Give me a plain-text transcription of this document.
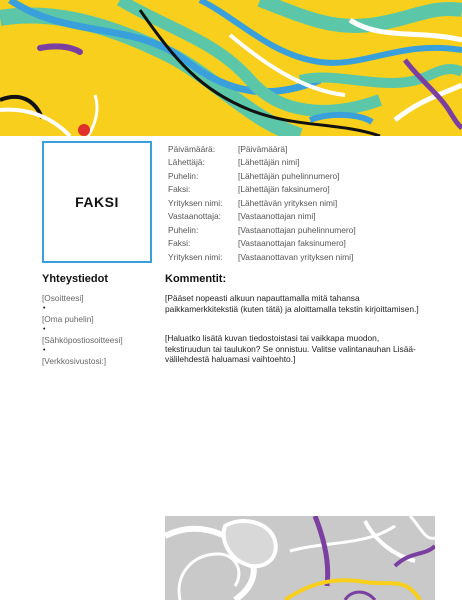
FAKSI
Päivämäärä:	[Päivämäärä]
Lähettäjä:	[Lähettäjän nimi]
Puhelin:	[Lähettäjän puhelinnumero]
Faksi:	[Lähettäjän faksinumero]
Yrityksen nimi:	[Lähettävän yrityksen nimi]
Vastaanottaja:	[Vastaanottajan nimi]
Puhelin:	[Vastaanottajan puhelinnumero]
Faksi:	[Vastaanottajan faksinumero]
Yrityksen nimi:	[Vastaanottavan yrityksen nimi]
Yhteystiedot
[Osoitteesi]
•
[Oma puhelin]
•
[Sähköpostiosoitteesi]
•
[Verkkosivustosi:]
Kommentit:
[Pääset nopeasti alkuun napauttamalla mitä tahansa paikkamerkkitekstiä (kuten tätä) ja aloittamalla tekstin kirjoittamisen.]
[Haluatko lisätä kuvan tiedostoistasi tai vaikkapa muodon, tekstiruudun tai taulukon? Se onnistuu. Valitse valintanauhan Lisää-välilehdestä haluamasi vaihtoehto.]
